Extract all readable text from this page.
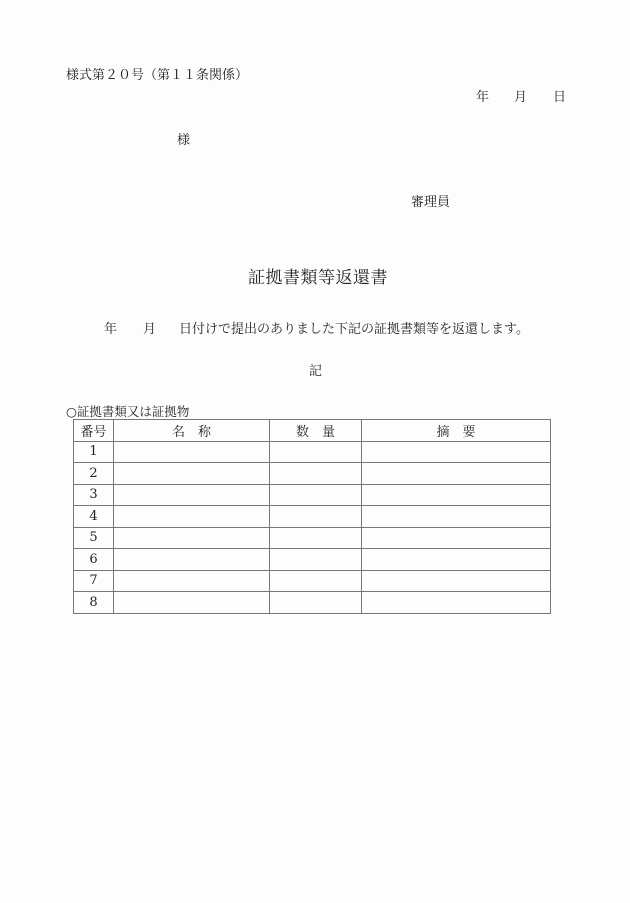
様式第２０号（第１１条関係）
年 月 日
様
審理員
証拠書類等返還書
年 月 日付けで提出のありました下記の証拠書類等を返還します。
記
○証拠書類又は証拠物
番号	名　称	数　量	摘　要
1			
2			
3			
4			
5			
6			
7			
8			
